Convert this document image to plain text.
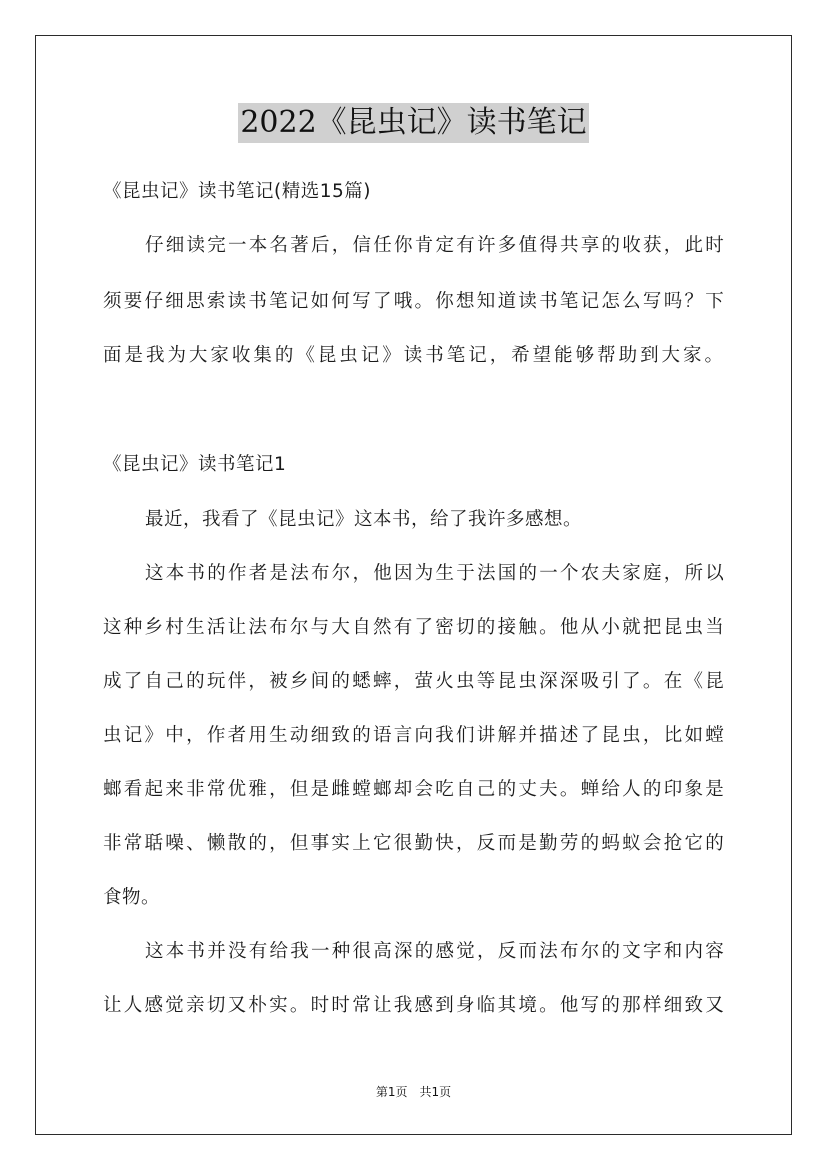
2022《昆虫记》读书笔记
《昆虫记》读书笔记(精选15篇)
仔细读完一本名著后，信任你肯定有许多值得共享的收获，此时
须要仔细思索读书笔记如何写了哦。你想知道读书笔记怎么写吗？下
面是我为大家收集的《昆虫记》读书笔记，希望能够帮助到大家。
《昆虫记》读书笔记1
最近，我看了《昆虫记》这本书，给了我许多感想。
这本书的作者是法布尔，他因为生于法国的一个农夫家庭，所以
这种乡村生活让法布尔与大自然有了密切的接触。他从小就把昆虫当
成了自己的玩伴，被乡间的蟋蟀，萤火虫等昆虫深深吸引了。在《昆
虫记》中，作者用生动细致的语言向我们讲解并描述了昆虫，比如螳
螂看起来非常优雅，但是雌螳螂却会吃自己的丈夫。蝉给人的印象是
非常聒噪、懒散的，但事实上它很勤快，反而是勤劳的蚂蚁会抢它的
食物。
这本书并没有给我一种很高深的感觉，反而法布尔的文字和内容
让人感觉亲切又朴实。时时常让我感到身临其境。他写的那样细致又
第1页　共1页
